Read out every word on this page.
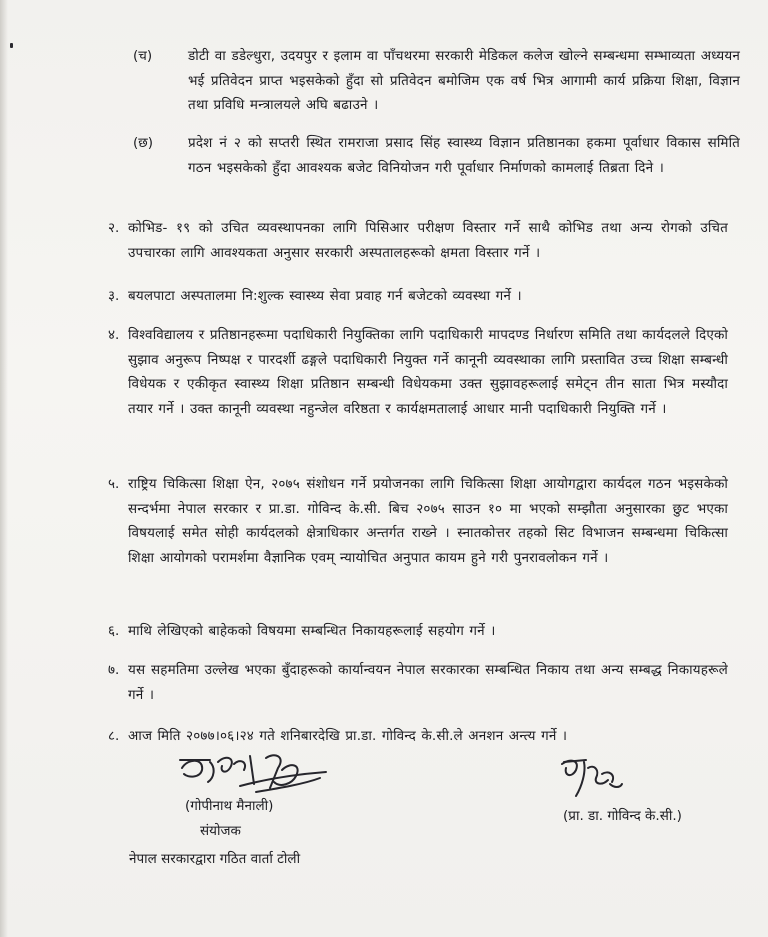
(च)	डोटी वा डडेल्धुरा, उदयपुर र इलाम वा पाँचथरमा सरकारी मेडिकल कलेज खोल्ने सम्बन्धमा सम्भाव्यता अध्ययन भई प्रतिवेदन प्राप्त भइसकेको हुँदा सो प्रतिवेदन बमोजिम एक वर्ष भित्र आगामी कार्य प्रक्रिया शिक्षा, विज्ञान तथा प्रविधि मन्त्रालयले अघि बढाउने ।
(छ)	प्रदेश नं २ को सप्तरी स्थित रामराजा प्रसाद सिंह स्वास्थ्य विज्ञान प्रतिष्ठानका हकमा पूर्वाधार विकास समिति गठन भइसकेको हुँदा आवश्यक बजेट विनियोजन गरी पूर्वाधार निर्माणको कामलाई तिब्रता दिने ।
२. कोभिड- १९ को उचित व्यवस्थापनका लागि पिसिआर परीक्षण विस्तार गर्ने साथै कोभिड तथा अन्य रोगको उचित उपचारका लागि आवश्यकता अनुसार सरकारी अस्पतालहरूको क्षमता विस्तार गर्ने ।
३. बयलपाटा अस्पतालमा नि:शुल्क स्वास्थ्य सेवा प्रवाह गर्न बजेटको व्यवस्था गर्ने ।
४. विश्वविद्यालय र प्रतिष्ठानहरूमा पदाधिकारी नियुक्तिका लागि पदाधिकारी मापदण्ड निर्धारण समिति तथा कार्यदलले दिएको सुझाव अनुरूप निष्पक्ष र पारदर्शी ढङ्गले पदाधिकारी नियुक्त गर्ने कानूनी व्यवस्थाका लागि प्रस्तावित उच्च शिक्षा सम्बन्धी विधेयक र एकीकृत स्वास्थ्य शिक्षा प्रतिष्ठान सम्बन्धी विधेयकमा उक्त सुझावहरूलाई समेट्न तीन साता भित्र मस्यौदा तयार गर्ने । उक्त कानूनी व्यवस्था नहुन्जेल वरिष्ठता र कार्यक्षमतालाई आधार मानी पदाधिकारी नियुक्ति गर्ने ।
५. राष्ट्रिय चिकित्सा शिक्षा ऐन, २०७५ संशोधन गर्ने प्रयोजनका लागि चिकित्सा शिक्षा आयोगद्वारा कार्यदल गठन भइसकेको सन्दर्भमा नेपाल सरकार र प्रा.डा. गोविन्द के.सी. बिच २०७५ साउन १० मा भएको सम्झौता अनुसारका छुट भएका विषयलाई समेत सोही कार्यदलको क्षेत्राधिकार अन्तर्गत राख्ने । स्नातकोत्तर तहको सिट विभाजन सम्बन्धमा चिकित्सा शिक्षा आयोगको परामर्शमा वैज्ञानिक एवम् न्यायोचित अनुपात कायम हुने गरी पुनरावलोकन गर्ने ।
६. माथि लेखिएको बाहेकको विषयमा सम्बन्धित निकायहरूलाई सहयोग गर्ने ।
७. यस सहमतिमा उल्लेख भएका बुँदाहरूको कार्यान्वयन नेपाल सरकारका सम्बन्धित निकाय तथा अन्य सम्बद्ध निकायहरूले गर्ने ।
८. आज मिति २०७७।०६।२४ गते शनिबारदेखि प्रा.डा. गोविन्द के.सी.ले अनशन अन्त्य गर्ने ।
(गोपीनाथ मैनाली)
संयोजक
नेपाल सरकारद्वारा गठित वार्ता टोली
(प्रा. डा. गोविन्द के.सी.)
